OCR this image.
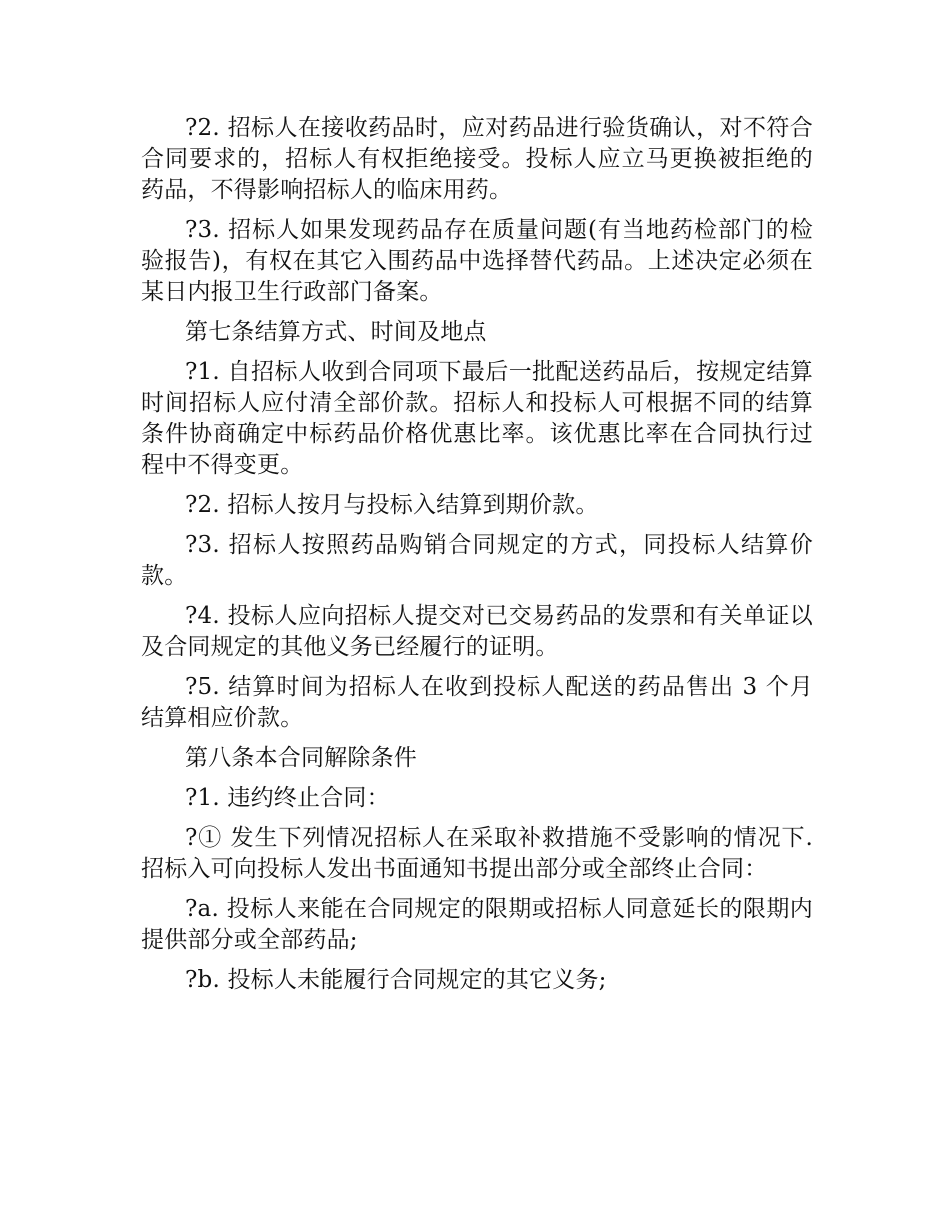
?2. 招标人在接收药品时，应对药品进行验货确认，对不符合合同要求的，招标人有权拒绝接受。投标人应立马更换被拒绝的药品，不得影响招标人的临床用药。

?3. 招标人如果发现药品存在质量问题(有当地药检部门的检验报告)，有权在其它入围药品中选择替代药品。上述决定必须在某日内报卫生行政部门备案。

第七条结算方式、时间及地点

?1. 自招标人收到合同项下最后一批配送药品后，按规定结算时间招标人应付清全部价款。招标人和投标人可根据不同的结算条件协商确定中标药品价格优惠比率。该优惠比率在合同执行过程中不得变更。

?2. 招标人按月与投标入结算到期价款。

?3. 招标人按照药品购销合同规定的方式，同投标人结算价款。

?4. 投标人应向招标人提交对已交易药品的发票和有关单证以及合同规定的其他义务已经履行的证明。

?5. 结算时间为招标人在收到投标人配送的药品售出 3 个月结算相应价款。

第八条本合同解除条件

?1. 违约终止合同：

?① 发生下列情况招标人在采取补救措施不受影响的情况下. 招标入可向投标人发出书面通知书提出部分或全部终止合同：

?a. 投标人来能在合同规定的限期或招标人同意延长的限期内提供部分或全部药品;

?b. 投标人未能履行合同规定的其它义务;
